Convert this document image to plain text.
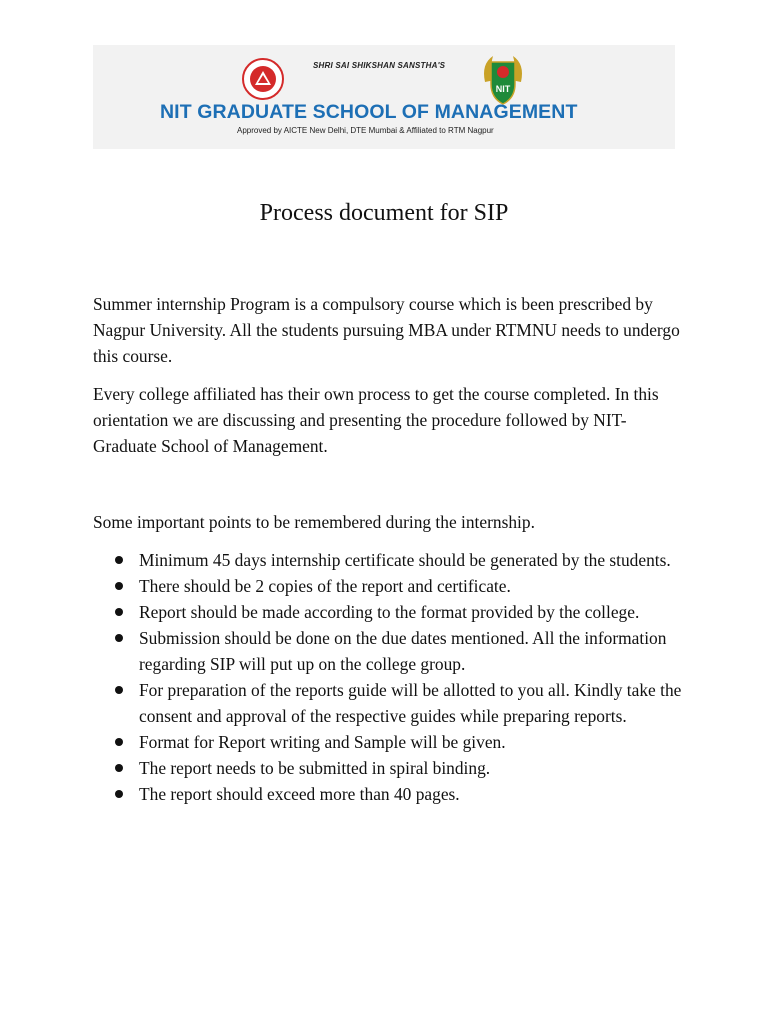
SHRI SAI SHIKSHAN SANSTHA'S
NIT
NIT GRADUATE SCHOOL OF MANAGEMENT
Approved by AICTE New Delhi, DTE Mumbai & Affiliated to RTM Nagpur
Process document for SIP

Summer internship Program is a compulsory course which is been prescribed by Nagpur University. All the students pursuing MBA under RTMNU needs to undergo this course.

Every college affiliated has their own process to get the course completed. In this orientation we are discussing and presenting the procedure followed by NIT-Graduate School of Management.

Some important points to be remembered during the internship.

Minimum 45 days internship certificate should be generated by the students.
There should be 2 copies of the report and certificate.
Report should be made according to the format provided by the college.
Submission should be done on the due dates mentioned. All the information regarding SIP will put up on the college group.
For preparation of the reports guide will be allotted to you all. Kindly take the consent and approval of the respective guides while preparing reports.
Format for Report writing and Sample will be given.
The report needs to be submitted in spiral binding.
The report should exceed more than 40 pages.
